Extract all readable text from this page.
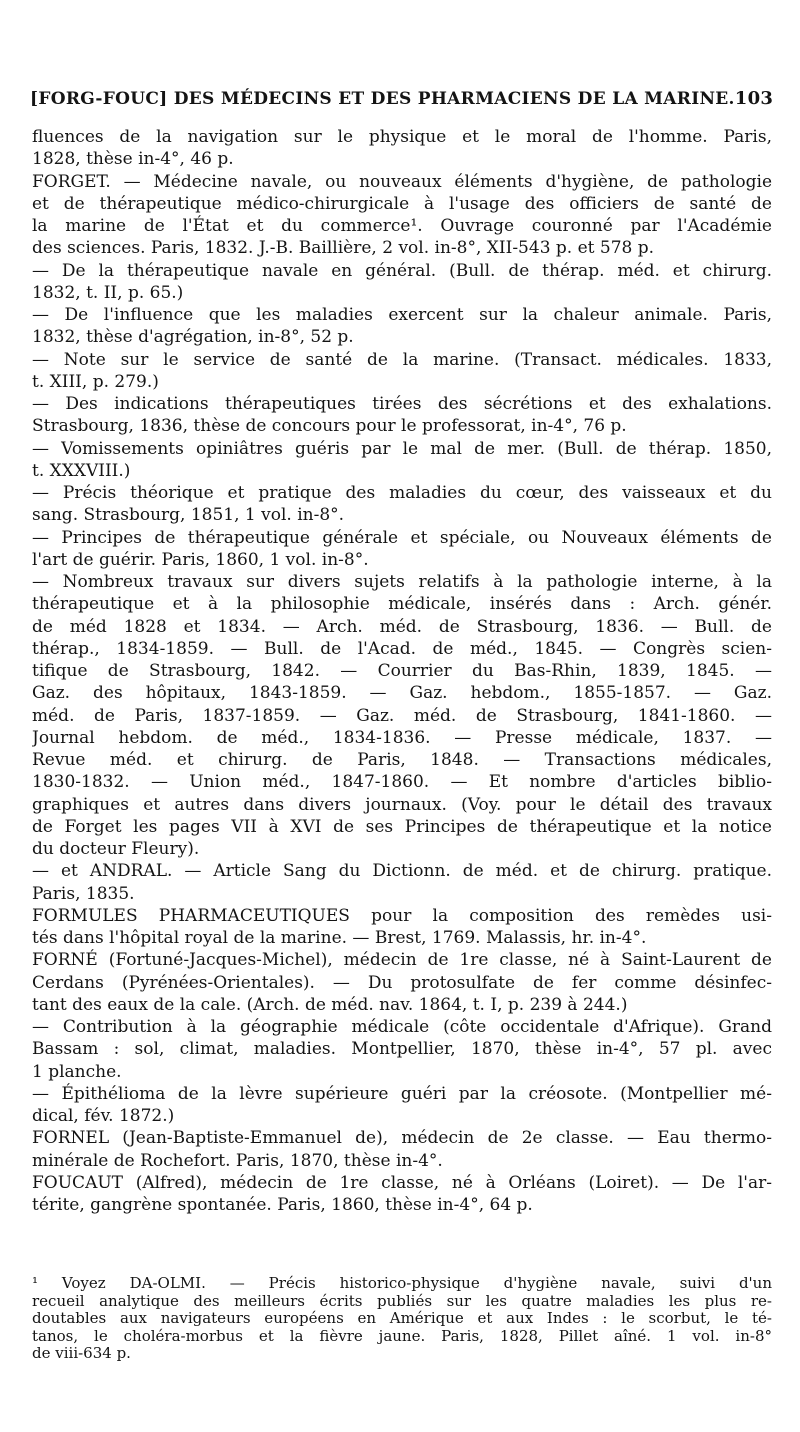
[FORG-FOUC] DES MÉDECINS ET DES PHARMACIENS DE LA MARINE. 103
fluences de la navigation sur le physique et le moral de l'homme. Paris,
1828, thèse in-4°, 46 p.
FORGET. — Médecine navale, ou nouveaux éléments d'hygiène, de pathologie
et de thérapeutique médico-chirurgicale à l'usage des officiers de santé de
la marine de l'État et du commerce¹. Ouvrage couronné par l'Académie
des sciences. Paris, 1832. J.-B. Baillière, 2 vol. in-8°, XII-543 p. et 578 p.
— De la thérapeutique navale en général. (Bull. de thérap. méd. et chirurg.
1832, t. II, p. 65.)
— De l'influence que les maladies exercent sur la chaleur animale. Paris,
1832, thèse d'agrégation, in-8°, 52 p.
— Note sur le service de santé de la marine. (Transact. médicales. 1833,
t. XIII, p. 279.)
— Des indications thérapeutiques tirées des sécrétions et des exhalations.
Strasbourg, 1836, thèse de concours pour le professorat, in-4°, 76 p.
— Vomissements opiniâtres guéris par le mal de mer. (Bull. de thérap. 1850,
t. XXXVIII.)
— Précis théorique et pratique des maladies du cœur, des vaisseaux et du
sang. Strasbourg, 1851, 1 vol. in-8°.
— Principes de thérapeutique générale et spéciale, ou Nouveaux éléments de
l'art de guérir. Paris, 1860, 1 vol. in-8°.
— Nombreux travaux sur divers sujets relatifs à la pathologie interne, à la
thérapeutique et à la philosophie médicale, insérés dans : Arch. génér.
de méd 1828 et 1834. — Arch. méd. de Strasbourg, 1836. — Bull. de
thérap., 1834-1859. — Bull. de l'Acad. de méd., 1845. — Congrès scien-
tifique de Strasbourg, 1842. — Courrier du Bas-Rhin, 1839, 1845. —
Gaz. des hôpitaux, 1843-1859. — Gaz. hebdom., 1855-1857. — Gaz.
méd. de Paris, 1837-1859. — Gaz. méd. de Strasbourg, 1841-1860. —
Journal hebdom. de méd., 1834-1836. — Presse médicale, 1837. —
Revue méd. et chirurg. de Paris, 1848. — Transactions médicales,
1830-1832. — Union méd., 1847-1860. — Et nombre d'articles biblio-
graphiques et autres dans divers journaux. (Voy. pour le détail des travaux
de Forget les pages VII à XVI de ses Principes de thérapeutique et la notice
du docteur Fleury).
— et ANDRAL. — Article Sang du Dictionn. de méd. et de chirurg. pratique.
Paris, 1835.
FORMULES PHARMACEUTIQUES pour la composition des remèdes usi-
tés dans l'hôpital royal de la marine. — Brest, 1769. Malassis, hr. in-4°.
FORNÉ (Fortuné-Jacques-Michel), médecin de 1re classe, né à Saint-Laurent de
Cerdans (Pyrénées-Orientales). — Du protosulfate de fer comme désinfec-
tant des eaux de la cale. (Arch. de méd. nav. 1864, t. I, p. 239 à 244.)
— Contribution à la géographie médicale (côte occidentale d'Afrique). Grand
Bassam : sol, climat, maladies. Montpellier, 1870, thèse in-4°, 57 pl. avec
1 planche.
— Épithélioma de la lèvre supérieure guéri par la créosote. (Montpellier mé-
dical, fév. 1872.)
FORNEL (Jean-Baptiste-Emmanuel de), médecin de 2e classe. — Eau thermo-
minérale de Rochefort. Paris, 1870, thèse in-4°.
FOUCAUT (Alfred), médecin de 1re classe, né à Orléans (Loiret). — De l'ar-
térite, gangrène spontanée. Paris, 1860, thèse in-4°, 64 p.
¹ Voyez DA-OLMI. — Précis historico-physique d'hygiène navale, suivi d'un
recueil analytique des meilleurs écrits publiés sur les quatre maladies les plus re-
doutables aux navigateurs européens en Amérique et aux Indes : le scorbut, le té-
tanos, le choléra-morbus et la fièvre jaune. Paris, 1828, Pillet aîné. 1 vol. in-8°
de viii-634 p.
